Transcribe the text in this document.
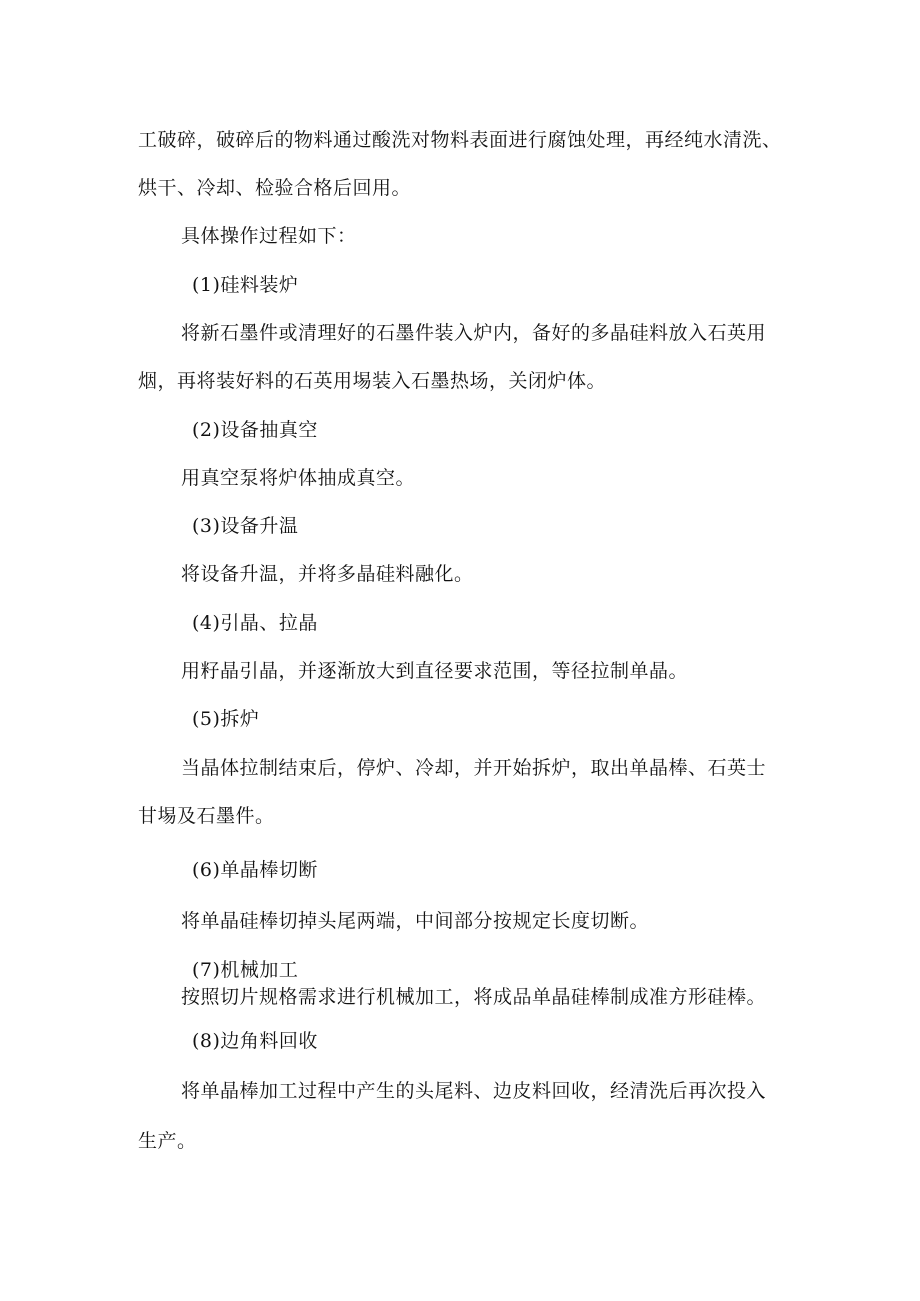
工破碎，破碎后的物料通过酸洗对物料表面进行腐蚀处理，再经纯水清洗、
烘干、冷却、检验合格后回用。
具体操作过程如下：
(1)硅料装炉
将新石墨件或清理好的石墨件装入炉内，备好的多晶硅料放入石英用
烟，再将装好料的石英用埸装入石墨热场，关闭炉体。
(2)设备抽真空
用真空泵将炉体抽成真空。
(3)设备升温
将设备升温，并将多晶硅料融化。
(4)引晶、拉晶
用籽晶引晶，并逐渐放大到直径要求范围，等径拉制单晶。
(5)拆炉
当晶体拉制结束后，停炉、冷却，并开始拆炉，取出单晶棒、石英士
甘埸及石墨件。
(6)单晶棒切断
将单晶硅棒切掉头尾两端，中间部分按规定长度切断。
(7)机械加工
按照切片规格需求进行机械加工，将成品单晶硅棒制成准方形硅棒。
(8)边角料回收
将单晶棒加工过程中产生的头尾料、边皮料回收，经清洗后再次投入
生产。
